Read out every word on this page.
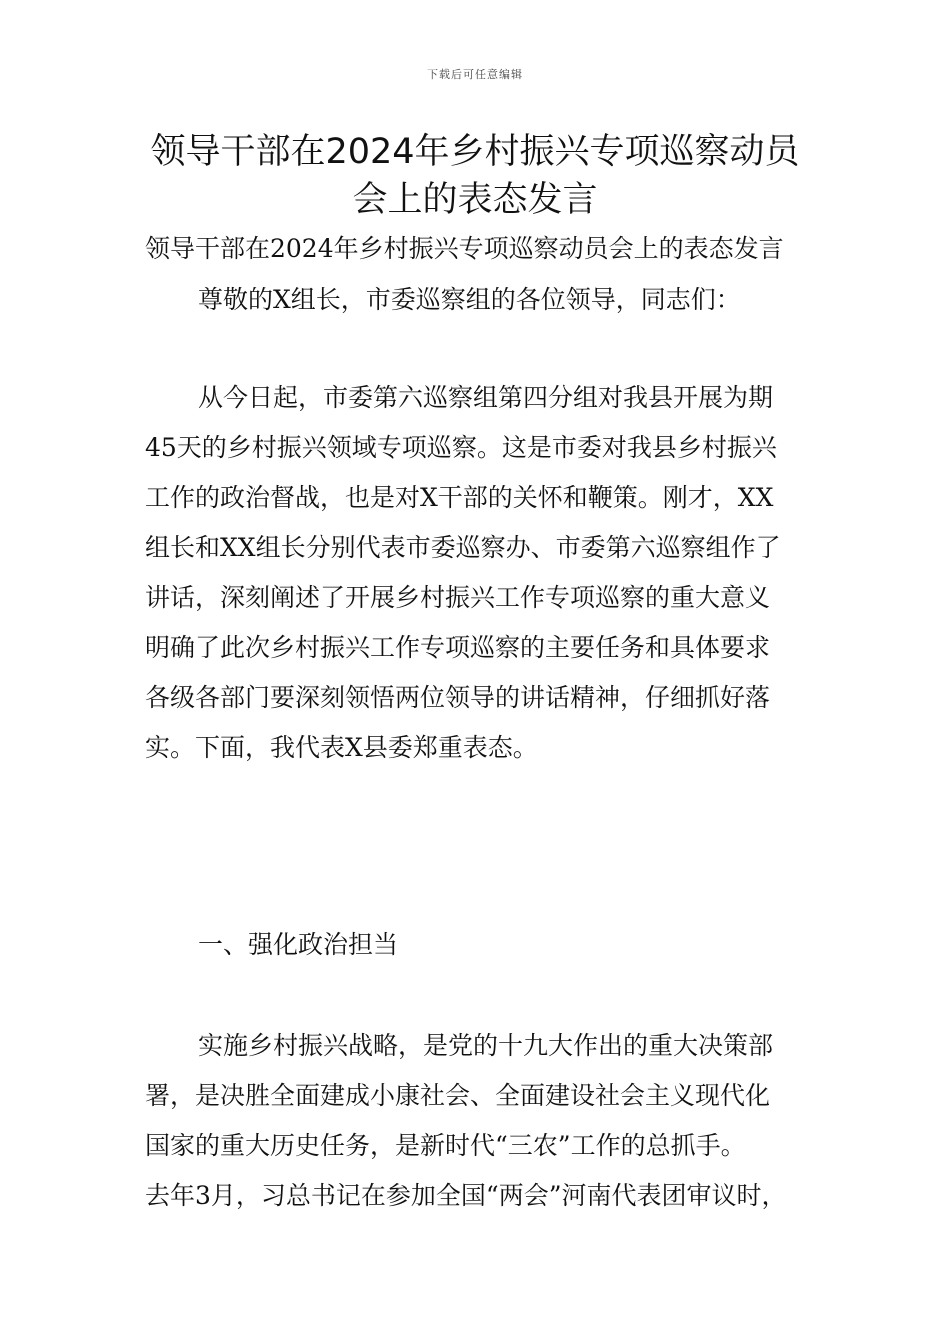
下载后可任意编辑
领导干部在2024年乡村振兴专项巡察动员
会上的表态发言
领导干部在2024年乡村振兴专项巡察动员会上的表态发言
尊敬的X组长，市委巡察组的各位领导，同志们：
从今日起，市委第六巡察组第四分组对我县开展为期
45天的乡村振兴领域专项巡察。这是市委对我县乡村振兴
工作的政治督战，也是对X干部的关怀和鞭策。刚才，XX
组长和XX组长分别代表市委巡察办、市委第六巡察组作了
讲话，深刻阐述了开展乡村振兴工作专项巡察的重大意义
明确了此次乡村振兴工作专项巡察的主要任务和具体要求
各级各部门要深刻领悟两位领导的讲话精神，仔细抓好落
实。下面，我代表X县委郑重表态。
一、强化政治担当
实施乡村振兴战略，是党的十九大作出的重大决策部
署，是决胜全面建成小康社会、全面建设社会主义现代化
国家的重大历史任务，是新时代“三农”工作的总抓手。
去年3月，习总书记在参加全国“两会”河南代表团审议时，
